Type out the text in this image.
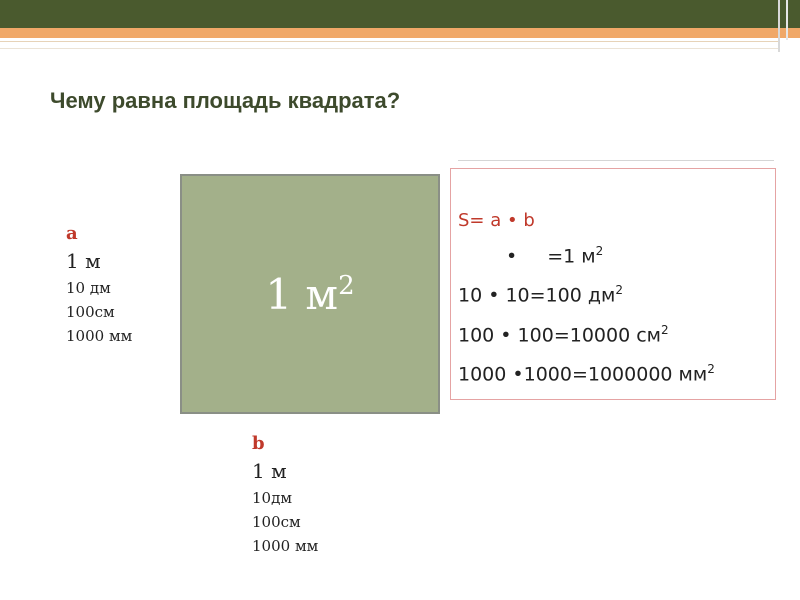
Чему равна площадь квадрата?
а
1 м
10 дм
100см
1000 мм
1 $м^2$
b
1 м
10дм
100см
1000 мм
S= a • b
• =1 $м^2$
10 • 10=100 $дм^2$
100 • 100=10000 $см^2$
1000 •1000=1000000 $мм^2$
